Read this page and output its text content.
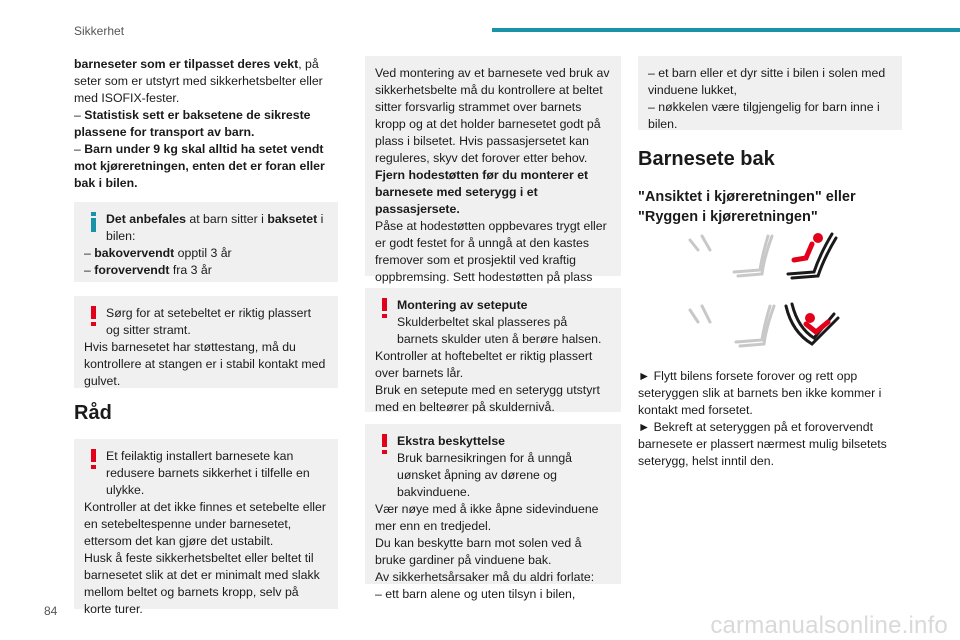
Sikkerhet
barneseter som er tilpasset deres vekt, på seter som er utstyrt med sikkerhetsbelter eller med ISOFIX-fester.
– Statistisk sett er baksetene de sikreste plassene for transport av barn.
– Barn under 9 kg skal alltid ha setet vendt mot kjøreretningen, enten det er foran eller bak i bilen.
Det anbefales at barn sitter i baksetet i bilen:
– bakovervendt opptil 3 år
– forovervendt fra 3 år
Sørg for at setebeltet er riktig plassert og sitter stramt.
Hvis barnesetet har støttestang, må du kontrollere at stangen er i stabil kontakt med gulvet.
Råd
Et feilaktig installert barnesete kan redusere barnets sikkerhet i tilfelle en ulykke.
Kontroller at det ikke finnes et setebelte eller en setebeltespenne under barnesetet, ettersom det kan gjøre det ustabilt.
Husk å feste sikkerhetsbeltet eller beltet til barnesetet slik at det er minimalt med slakk mellom beltet og barnets kropp, selv på korte turer.
Ved montering av et barnesete ved bruk av sikkerhetsbelte må du kontrollere at beltet sitter forsvarlig strammet over barnets kropp og at det holder barnesetet godt på plass i bilsetet. Hvis passasjersetet kan reguleres, skyv det forover etter behov.
Fjern hodestøtten før du monterer et barnesete med seterygg i et passasjersete.
Påse at hodestøtten oppbevares trygt eller er godt festet for å unngå at den kastes fremover som et prosjektil ved kraftig oppbremsing. Sett hodestøtten på plass
Montering av setepute
Skulderbeltet skal plasseres på barnets skulder uten å berøre halsen.
Kontroller at hoftebeltet er riktig plassert over barnets lår.
Bruk en setepute med en seterygg utstyrt med en belteører på skuldernivå.
Ekstra beskyttelse
Bruk barnesikringen for å unngå uønsket åpning av dørene og bakvinduene.
Vær nøye med å ikke åpne sidevinduene mer enn en tredjedel.
Du kan beskytte barn mot solen ved å bruke gardiner på vinduene bak.
Av sikkerhetsårsaker må du aldri forlate:
– ett barn alene og uten tilsyn i bilen,
– et barn eller et dyr sitte i bilen i solen med vinduene lukket,
– nøkkelen være tilgjengelig for barn inne i bilen.
Barnesete bak
"Ansiktet i kjøreretningen" eller "Ryggen i kjøreretningen"
► Flytt bilens forsete forover og rett opp seteryggen slik at barnets ben ikke kommer i kontakt med forsetet.
► Bekreft at seteryggen på et forovervendt barnesete er plassert nærmest mulig bilsetets seterygg, helst inntil den.
84
carmanualsonline.info
